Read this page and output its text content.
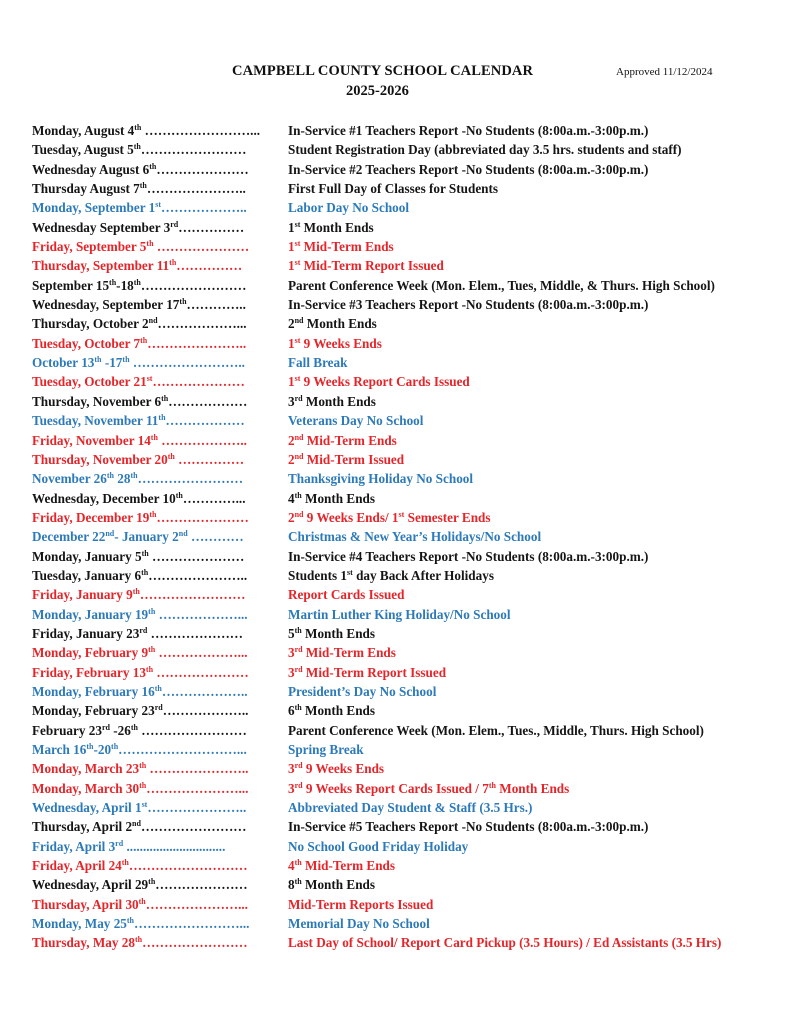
CAMPBELL COUNTY SCHOOL CALENDAR
2025-2026
Approved 11/12/2024
Monday, August 4th ……………………... In-Service #1 Teachers Report -No Students (8:00a.m.-3:00p.m.)
Tuesday, August 5th……………………	Student Registration Day (abbreviated day 3.5 hrs. students and staff)
Wednesday August 6th…………………	In-Service #2 Teachers Report -No Students (8:00a.m.-3:00p.m.)
Thursday August 7th…………………..	First Full Day of Classes for Students
Monday, September 1st………………..	Labor Day No School
Wednesday September 3rd……………	1st Month Ends
Friday, September 5th …………………	1st Mid-Term Ends
Thursday, September 11th……………	1st Mid-Term Report Issued
September 15th-18th……………………	Parent Conference Week (Mon. Elem., Tues, Middle, & Thurs. High School)
Wednesday, September 17th…………..	In-Service #3 Teachers Report -No Students (8:00a.m.-3:00p.m.)
Thursday, October 2nd………………...	2nd Month Ends
Tuesday, October 7th…………………..	1st 9 Weeks Ends
October 13th -17th ……………………..	Fall Break
Tuesday, October 21st…………………	1st 9 Weeks Report Cards Issued
Thursday, November 6th………………	3rd Month Ends
Tuesday, November 11th………………	Veterans Day No School
Friday, November 14th ………………..	2nd Mid-Term Ends
Thursday, November 20th ……………	2nd Mid-Term Issued
November 26th 28th……………………	Thanksgiving Holiday No School
Wednesday, December 10th…………...	4th Month Ends
Friday, December 19th…………………	2nd 9 Weeks Ends/ 1st Semester Ends
December 22nd- January 2nd …………	Christmas & New Year’s Holidays/No School
Monday, January 5th …………………	In-Service #4 Teachers Report -No Students (8:00a.m.-3:00p.m.)
Tuesday, January 6th…………………..	Students 1st day Back After Holidays
Friday, January 9th……………………	Report Cards Issued
Monday, January 19th ………………...	Martin Luther King Holiday/No School
Friday, January 23rd …………………	5th Month Ends
Monday, February 9th ………………...	3rd Mid-Term Ends
Friday, February 13th …………………	3rd Mid-Term Report Issued
Monday, February 16th………………..	President’s Day No School
Monday, February 23rd………………..	6th Month Ends
February 23rd -26th ……………………	Parent Conference Week (Mon. Elem., Tues., Middle, Thurs. High School)
March 16th-20th………………………...	Spring Break
Monday, March 23th …………………..	3rd 9 Weeks Ends
Monday, March 30th…………………...	3rd 9 Weeks Report Cards Issued / 7th Month Ends
Wednesday, April 1st…………………..	Abbreviated Day Student & Staff (3.5 Hrs.)
Thursday, April 2nd……………………	In-Service #5 Teachers Report -No Students (8:00a.m.-3:00p.m.)
Friday, April 3rd ..............................	No School Good Friday Holiday
Friday, April 24th………………………	4th Mid-Term Ends
Wednesday, April 29th…………………	8th Month Ends
Thursday, April 30th…………………...	Mid-Term Reports Issued
Monday, May 25th……………………...	Memorial Day No School
Thursday, May 28th……………………	Last Day of School/ Report Card Pickup (3.5 Hours) / Ed Assistants (3.5 Hrs)
